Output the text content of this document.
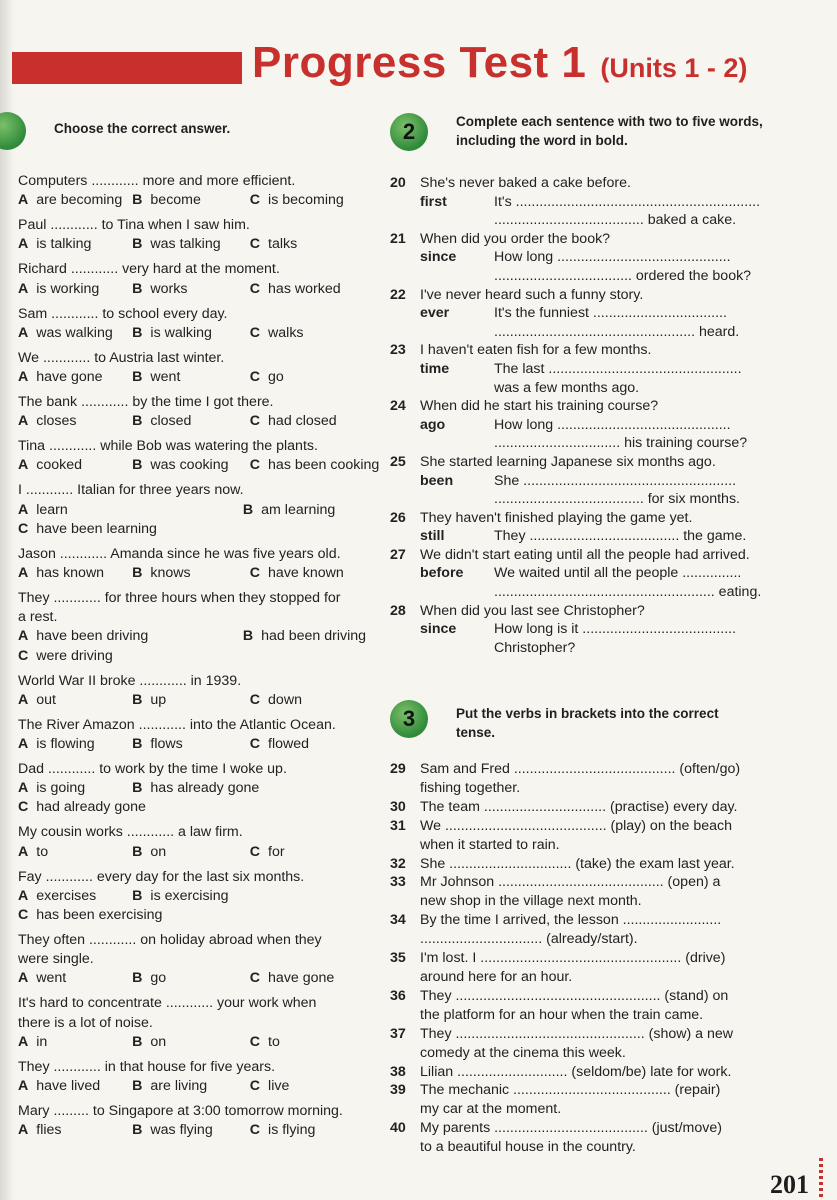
Progress Test 1 (Units 1 - 2)
Choose the correct answer.
Computers ............ more and more efficient.
A are becoming B become	C is becoming
Paul ............ to Tina when I saw him.
A is talking	B was talking	C talks
Richard ............ very hard at the moment.
A is working	B works	C has worked
Sam ............ to school every day.
A was walking	B is walking	C walks
We ............ to Austria last winter.
A have gone	B went	C go
The bank ............ by the time I got there.
A closes	B closed	C had closed
Tina ............ while Bob was watering the plants.
A cooked	B was cooking	C has been cooking
I ............ Italian for three years now.
A learn	B am learning
C have been learning
Jason ............ Amanda since he was five years old.
A has known	B knows	C have known
They ............ for three hours when they stopped for
a rest.
A have been driving	B had been driving
C were driving
World War II broke ............ in 1939.
A out	B up	C down
The River Amazon ............ into the Atlantic Ocean.
A is flowing	B flows	C flowed
Dad ............ to work by the time I woke up.
A is going	B has already gone
C had already gone
My cousin works ............ a law firm.
A to	B on	C for
Fay ............ every day for the last six months.
A exercises	B is exercising
C has been exercising
They often ............ on holiday abroad when they
were single.
A went	B go	C have gone
It's hard to concentrate ............ your work when
there is a lot of noise.
A in	B on	C to
They ............ in that house for five years.
A have lived	B are living	C live
Mary ......... to Singapore at 3:00 tomorrow morning.
A flies	B was flying	C is flying
2	Complete each sentence with two to five words, including the word in bold.
20	She's never baked a cake before.
first	It's ..............................................................
...................................... baked a cake.
21	When did you order the book?
since	How long ............................................
................................... ordered the book?
22	I've never heard such a funny story.
ever	It's the funniest ..................................
................................................... heard.
23	I haven't eaten fish for a few months.
time	The last .................................................
was a few months ago.
24	When did he start his training course?
ago	How long ............................................
................................ his training course?
25	She started learning Japanese six months ago.
been	She ......................................................
...................................... for six months.
26	They haven't finished playing the game yet.
still	They ...................................... the game.
27	We didn't start eating until all the people had arrived.
before	We waited until all the people ...............
........................................................ eating.
28	When did you last see Christopher?
since	How long is it .......................................
Christopher?
3	Put the verbs in brackets into the correct tense.
29	Sam and Fred ......................................... (often/go)
fishing together.
30	The team ............................... (practise) every day.
31	We ......................................... (play) on the beach
when it started to rain.
32	She ............................... (take) the exam last year.
33	Mr Johnson .......................................... (open) a
new shop in the village next month.
34	By the time I arrived, the lesson .........................
............................... (already/start).
35	I'm lost. I ................................................... (drive)
around here for an hour.
36	They .................................................... (stand) on
the platform for an hour when the train came.
37	They ................................................ (show) a new
comedy at the cinema this week.
38	Lilian ............................ (seldom/be) late for work.
39	The mechanic ........................................ (repair)
my car at the moment.
40	My parents ....................................... (just/move)
to a beautiful house in the country.
201
